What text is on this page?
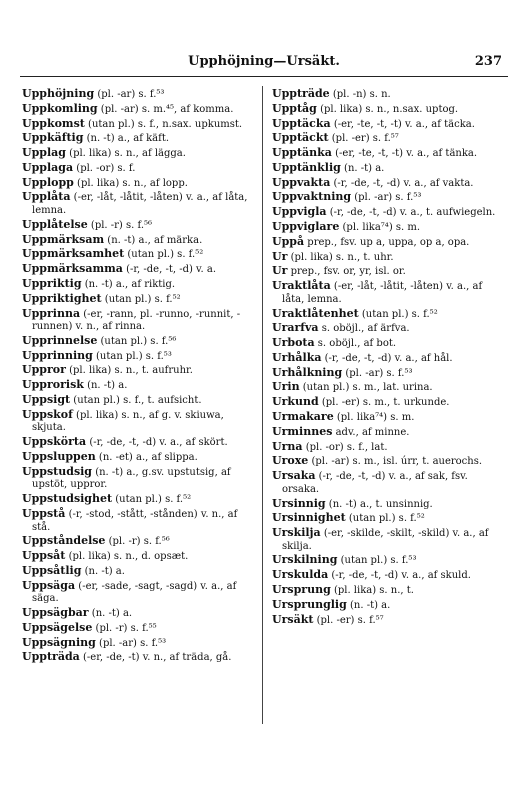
Upphöjning—Ursäkt.	237
Upphöjning (pl. -ar) s. f.⁵³
Uppkomling (pl. -ar) s. m.⁴⁵, af komma.
Uppkomst (utan pl.) s. f., n.sax. upkumst.
Uppkäftig (n. -t) a., af käft.
Upplag (pl. lika) s. n., af lägga.
Upplaga (pl. -or) s. f.
Upplopp (pl. lika) s. n., af lopp.
Upplåta (-er, -låt, -låtit, -låten) v. a., af låta, lemna.
Upplåtelse (pl. -r) s. f.⁵⁶
Uppmärksam (n. -t) a., af märka.
Uppmärksamhet (utan pl.) s. f.⁵²
Uppmärksamma (-r, -de, -t, -d) v. a.
Uppriktig (n. -t) a., af riktig.
Uppriktighet (utan pl.) s. f.⁵²
Upprinna (-er, -rann, pl. -runno, -runnit, -runnen) v. n., af rinna.
Upprinnelse (utan pl.) s. f.⁵⁶
Upprinning (utan pl.) s. f.⁵³
Uppror (pl. lika) s. n., t. aufruhr.
Upprorisk (n. -t) a.
Uppsigt (utan pl.) s. f., t. aufsicht.
Uppskof (pl. lika) s. n., af g. v. skiuwa, skjuta.
Uppskörta (-r, -de, -t, -d) v. a., af skört.
Uppsluppen (n. -et) a., af slippa.
Uppstudsig (n. -t) a., g.sv. upstutsig, af upstöt, uppror.
Uppstudsighet (utan pl.) s. f.⁵²
Uppstå (-r, -stod, -stått, -stånden) v. n., af stå.
Uppståndelse (pl. -r) s. f.⁵⁶
Uppsåt (pl. lika) s. n., d. opsæt.
Uppsåtlig (n. -t) a.
Uppsäga (-er, -sade, -sagt, -sagd) v. a., af säga.
Uppsägbar (n. -t) a.
Uppsägelse (pl. -r) s. f.⁵⁵
Uppsägning (pl. -ar) s. f.⁵³
Uppträda (-er, -de, -t) v. n., af träda, gå.
Uppträde (pl. -n) s. n.
Upptåg (pl. lika) s. n., n.sax. uptog.
Upptäcka (-er, -te, -t, -t) v. a., af täcka.
Upptäckt (pl. -er) s. f.⁵⁷
Upptänka (-er, -te, -t, -t) v. a., af tänka.
Upptänklig (n. -t) a.
Uppvakta (-r, -de, -t, -d) v. a., af vakta.
Uppvaktning (pl. -ar) s. f.⁵³
Uppvigla (-r, -de, -t, -d) v. a., t. aufwiegeln.
Uppviglare (pl. lika⁷⁴) s. m.
Uppå prep., fsv. up a, uppa, op a, opa.
Ur (pl. lika) s. n., t. uhr.
Ur prep., fsv. or, yr, isl. or.
Uraktlåta (-er, -låt, -låtit, -låten) v. a., af låta, lemna.
Uraktlåtenhet (utan pl.) s. f.⁵²
Urarfva s. oböjl., af ärfva.
Urbota s. oböjl., af bot.
Urhålka (-r, -de, -t, -d) v. a., af hål.
Urhålkning (pl. -ar) s. f.⁵³
Urin (utan pl.) s. m., lat. urina.
Urkund (pl. -er) s. m., t. urkunde.
Urmakare (pl. lika⁷⁴) s. m.
Urminnes adv., af minne.
Urna (pl. -or) s. f., lat.
Uroxe (pl. -ar) s. m., isl. úrr, t. auerochs.
Ursaka (-r, -de, -t, -d) v. a., af sak, fsv. orsaka.
Ursinnig (n. -t) a., t. unsinnig.
Ursinnighet (utan pl.) s. f.⁵²
Urskilja (-er, -skilde, -skilt, -skild) v. a., af skilja.
Urskilning (utan pl.) s. f.⁵³
Urskulda (-r, -de, -t, -d) v. a., af skuld.
Ursprung (pl. lika) s. n., t.
Ursprunglig (n. -t) a.
Ursäkt (pl. -er) s. f.⁵⁷
